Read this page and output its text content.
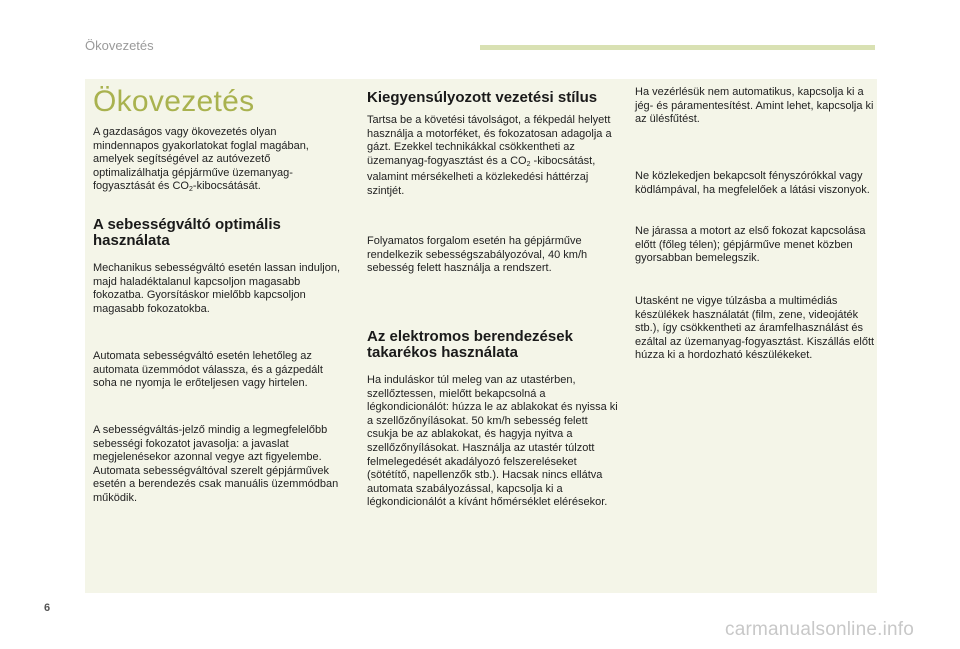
Ökovezetés
Ökovezetés

A gazdaságos vagy ökovezetés olyan mindennapos gyakorlatokat foglal magában, amelyek segítségével az autóvezető optimalizálhatja gépjárműve üzemanyag-fogyasztását és $CO_2$-kibocsátását.

A sebességváltó optimális használata

Mechanikus sebességváltó esetén lassan induljon, majd haladéktalanul kapcsoljon magasabb fokozatba. Gyorsításkor mielőbb kapcsoljon magasabb fokozatokba.

Automata sebességváltó esetén lehetőleg az automata üzemmódot válassza, és a gázpedált soha ne nyomja le erőteljesen vagy hirtelen.

A sebességváltás-jelző mindig a legmegfelelőbb sebességi fokozatot javasolja: a javaslat megjelenésekor azonnal vegye azt figyelembe. Automata sebességváltóval szerelt gépjárművek esetén a berendezés csak manuális üzemmódban működik.

Kiegyensúlyozott vezetési stílus

Tartsa be a követési távolságot, a fékpedál helyett használja a motorféket, és fokozatosan adagolja a gázt. Ezekkel technikákkal csökkentheti az üzemanyag-fogyasztást és a $CO_2$ -kibocsátást, valamint mérsékelheti a közlekedési háttérzaj szintjét.

Folyamatos forgalom esetén ha gépjárműve rendelkezik sebességszabályozóval, 40 km/h sebesség felett használja a rendszert.

Az elektromos berendezések takarékos használata

Ha induláskor túl meleg van az utastérben, szellőztessen, mielőtt bekapcsolná a légkondicionálót: húzza le az ablakokat és nyissa ki a szellőzőnyílásokat. 50 km/h sebesség felett csukja be az ablakokat, és hagyja nyitva a szellőzőnyílásokat. Használja az utastér túlzott felmelegedését akadályozó felszereléseket (sötétítő, napellenzők stb.). Hacsak nincs ellátva automata szabályozással, kapcsolja ki a légkondicionálót a kívánt hőmérséklet elérésekor.

Ha vezérlésük nem automatikus, kapcsolja ki a jég- és páramentesítést. Amint lehet, kapcsolja ki az ülésfűtést.

Ne közlekedjen bekapcsolt fényszórókkal vagy ködlámpával, ha megfelelőek a látási viszonyok.

Ne járassa a motort az első fokozat kapcsolása előtt (főleg télen); gépjárműve menet közben gyorsabban bemelegszik.

Utasként ne vigye túlzásba a multimédiás készülékek használatát (film, zene, videojáték stb.), így csökkentheti az áramfelhasználást és ezáltal az üzemanyag-fogyasztást. Kiszállás előtt húzza ki a hordozható készülékeket.

6
carmanualsonline.info
